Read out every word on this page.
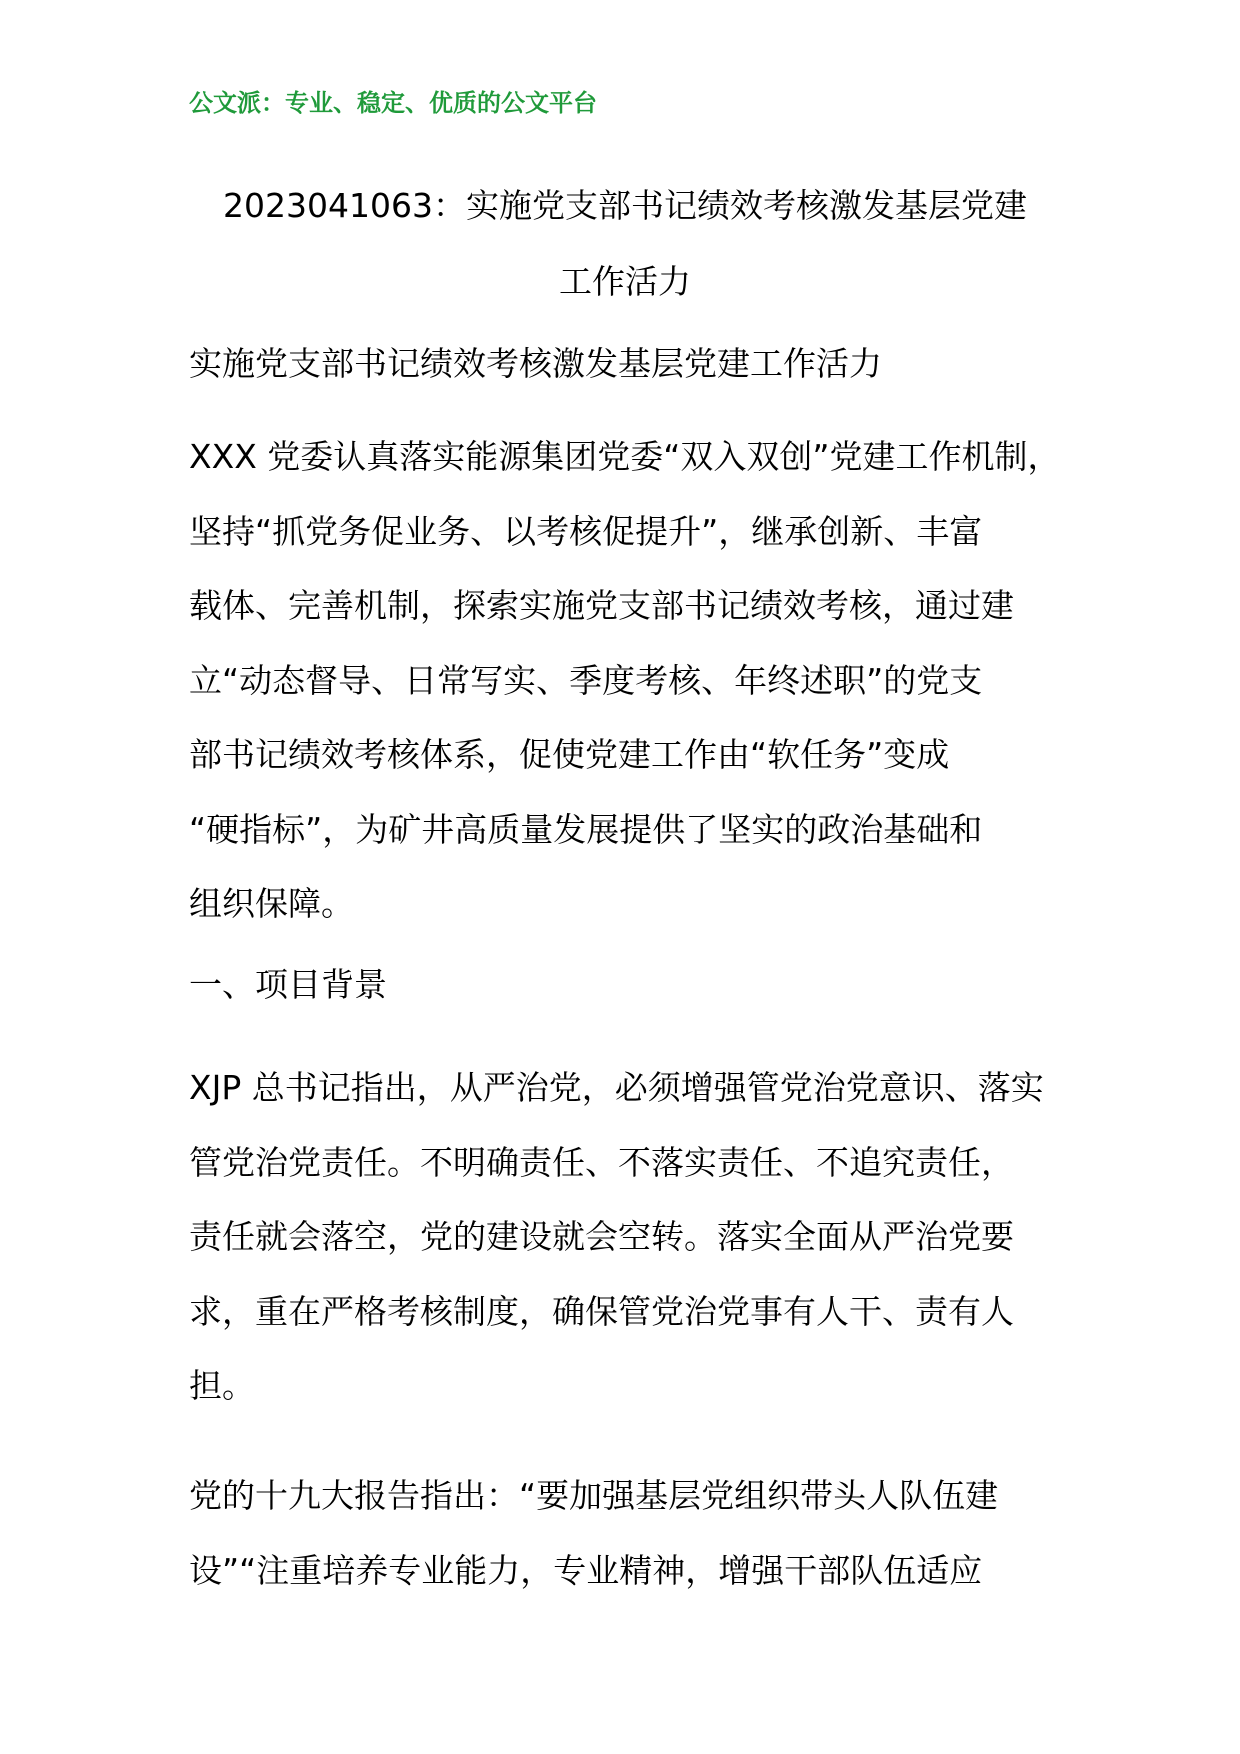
公文派：专业、稳定、优质的公文平台
2023041063：实施党支部书记绩效考核激发基层党建
工作活力
实施党支部书记绩效考核激发基层党建工作活力
XXX 党委认真落实能源集团党委“双入双创”党建工作机制，
坚持“抓党务促业务、以考核促提升”，继承创新、丰富
载体、完善机制，探索实施党支部书记绩效考核，通过建
立“动态督导、日常写实、季度考核、年终述职”的党支
部书记绩效考核体系，促使党建工作由“软任务”变成
“硬指标”，为矿井高质量发展提供了坚实的政治基础和
组织保障。
一、项目背景
XJP 总书记指出，从严治党，必须增强管党治党意识、落实
管党治党责任。不明确责任、不落实责任、不追究责任，
责任就会落空，党的建设就会空转。落实全面从严治党要
求，重在严格考核制度，确保管党治党事有人干、责有人
担。
党的十九大报告指出：“要加强基层党组织带头人队伍建
设”“注重培养专业能力，专业精神，增强干部队伍适应
